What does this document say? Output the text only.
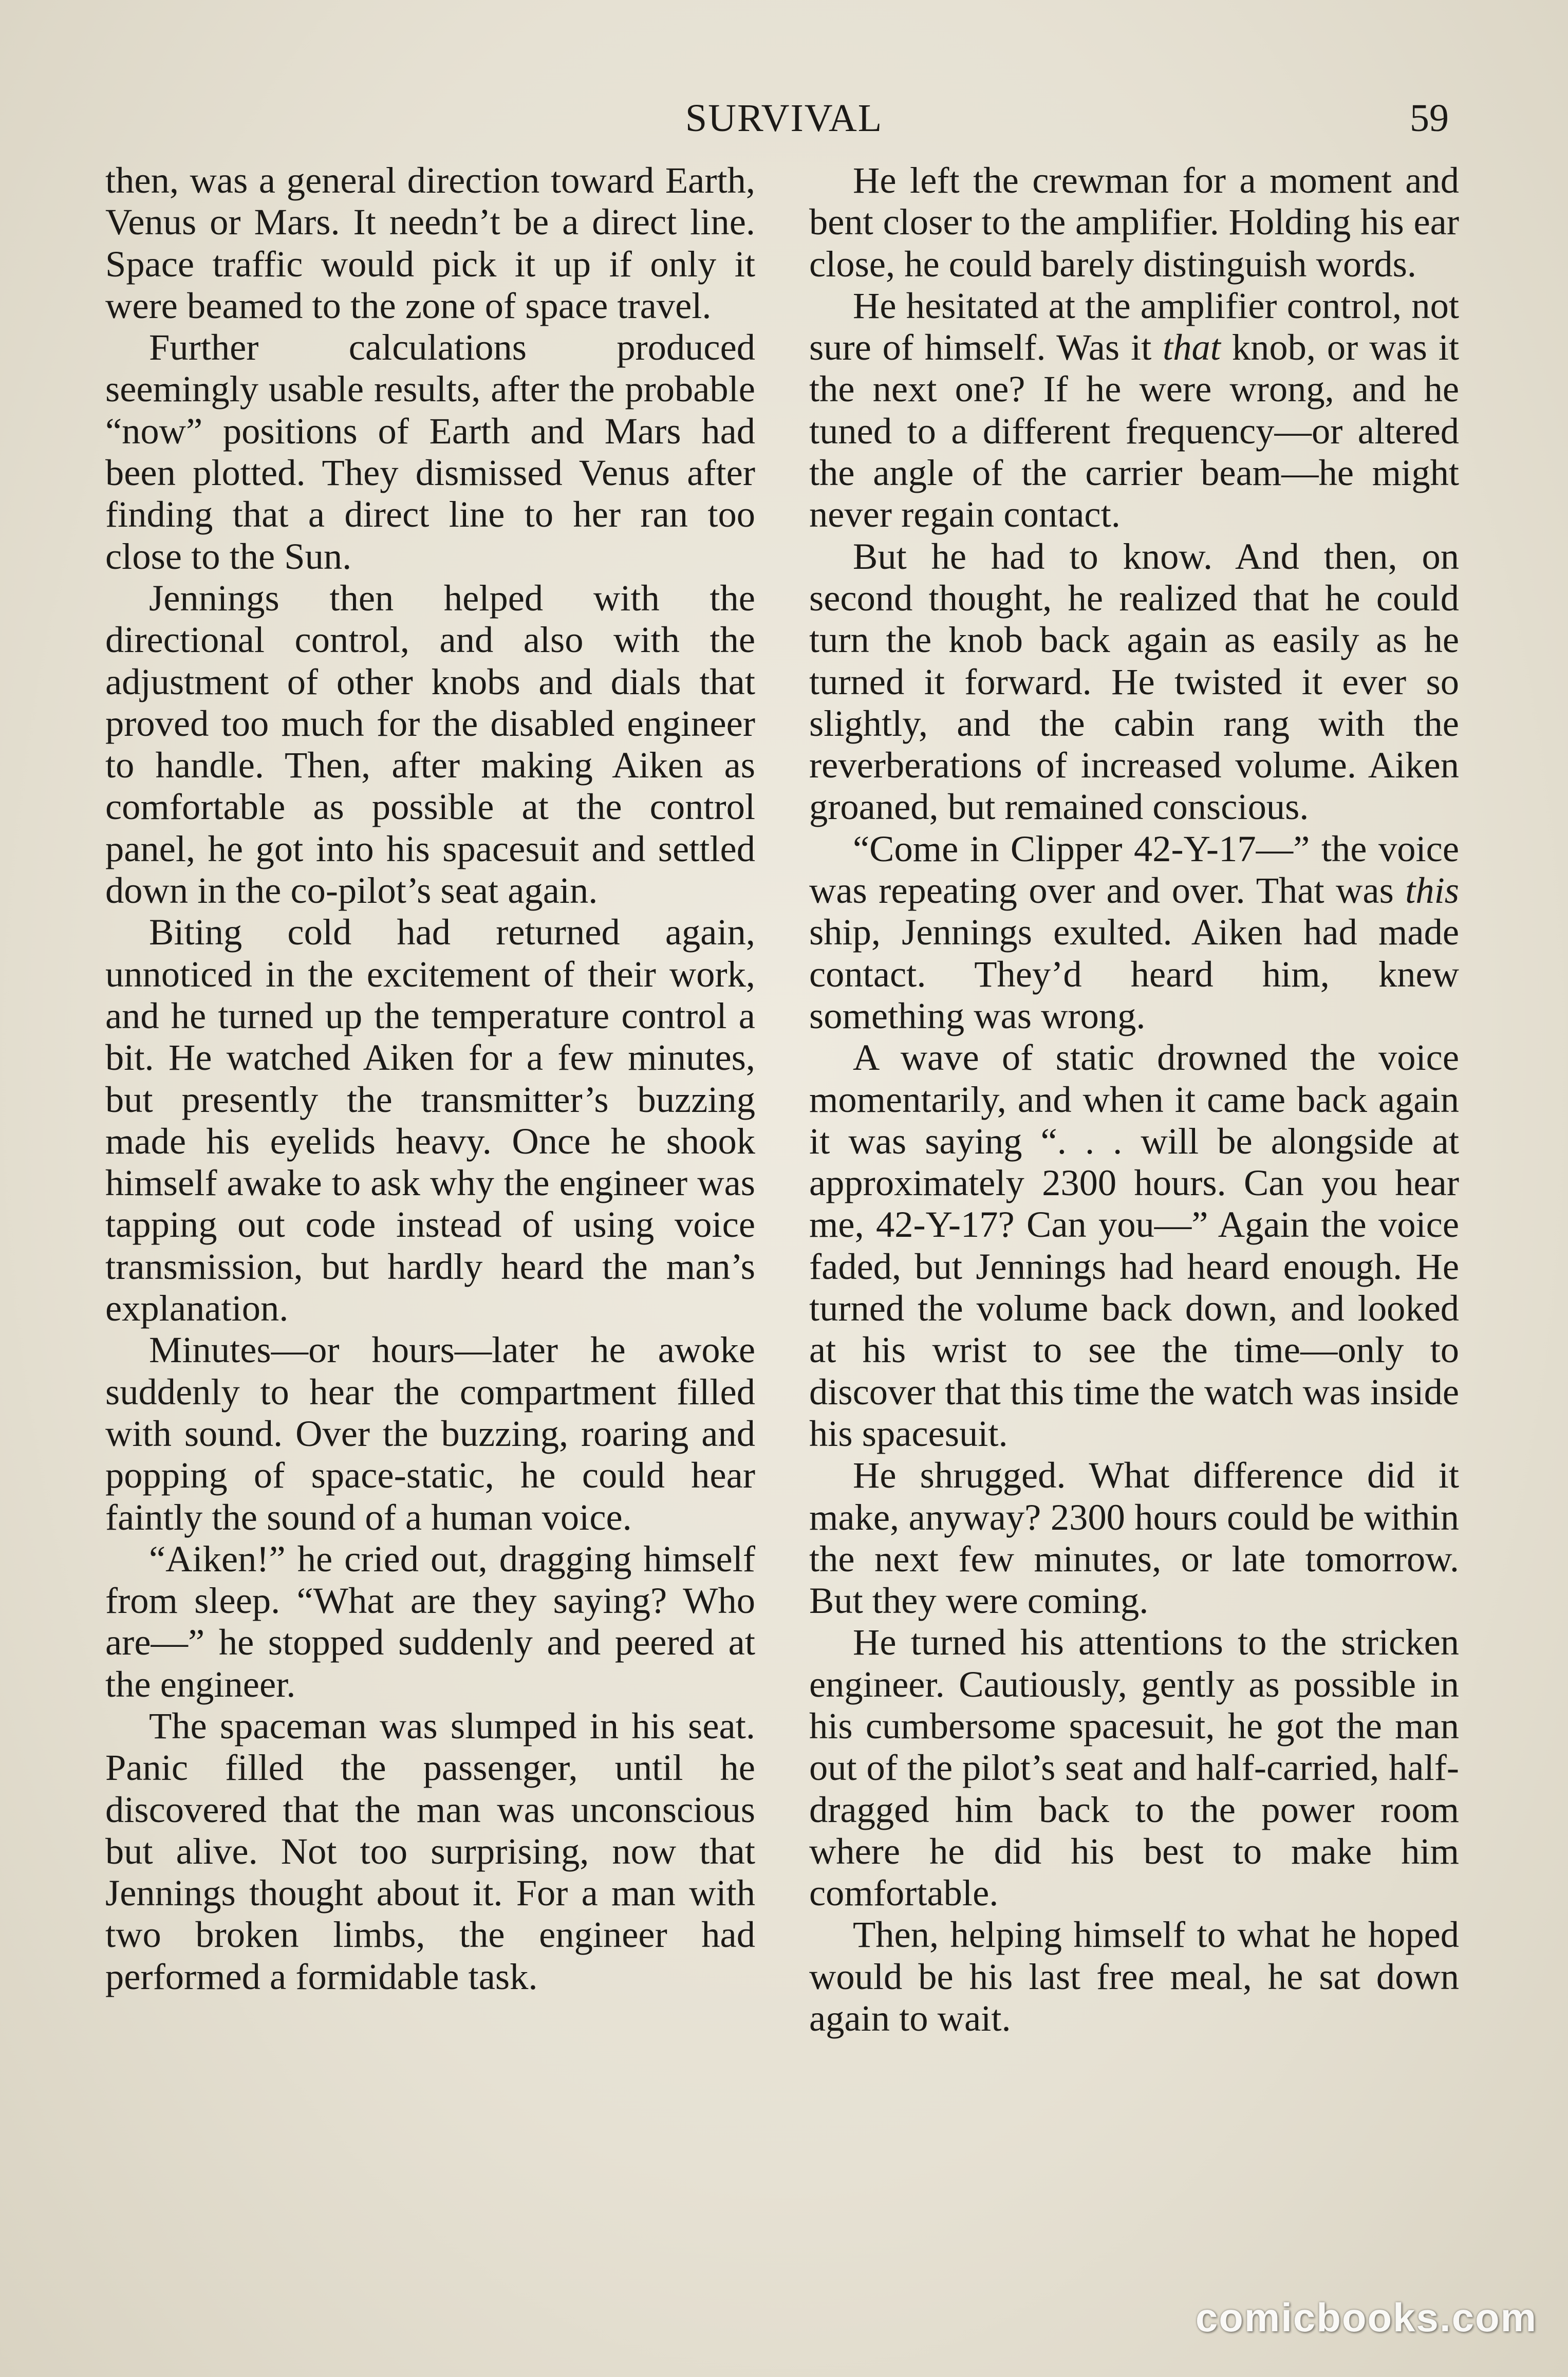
SURVIVAL	59

then, was a general direction toward Earth, Venus or Mars. It needn’t be a direct line. Space traffic would pick it up if only it were beamed to the zone of space travel.

Further calculations produced seemingly usable results, after the probable “now” positions of Earth and Mars had been plotted. They dismissed Venus after finding that a direct line to her ran too close to the Sun.

Jennings then helped with the directional control, and also with the adjustment of other knobs and dials that proved too much for the disabled engineer to handle. Then, after making Aiken as comfortable as possible at the control panel, he got into his spacesuit and settled down in the co-pilot’s seat again.

Biting cold had returned again, unnoticed in the excitement of their work, and he turned up the temperature control a bit. He watched Aiken for a few minutes, but presently the transmitter’s buzzing made his eyelids heavy. Once he shook himself awake to ask why the engineer was tapping out code instead of using voice transmission, but hardly heard the man’s explanation.

Minutes—or hours—later he awoke suddenly to hear the compartment filled with sound. Over the buzzing, roaring and popping of space-static, he could hear faintly the sound of a human voice.

“Aiken!” he cried out, dragging himself from sleep. “What are they saying? Who are—” he stopped suddenly and peered at the engineer.

The spaceman was slumped in his seat. Panic filled the passenger, until he discovered that the man was unconscious but alive. Not too surprising, now that Jennings thought about it. For a man with two broken limbs, the engineer had performed a formidable task.

He left the crewman for a moment and bent closer to the amplifier. Holding his ear close, he could barely distinguish words.

He hesitated at the amplifier control, not sure of himself. Was it that knob, or was it the next one? If he were wrong, and he tuned to a different frequency—or altered the angle of the carrier beam—he might never regain contact.

But he had to know. And then, on second thought, he realized that he could turn the knob back again as easily as he turned it forward. He twisted it ever so slightly, and the cabin rang with the reverberations of increased volume. Aiken groaned, but remained conscious.

“Come in Clipper 42-Y-17—” the voice was repeating over and over. That was this ship, Jennings exulted. Aiken had made contact. They’d heard him, knew something was wrong.

A wave of static drowned the voice momentarily, and when it came back again it was saying “. . . will be alongside at approximately 2300 hours. Can you hear me, 42-Y-17? Can you—” Again the voice faded, but Jennings had heard enough. He turned the volume back down, and looked at his wrist to see the time—only to discover that this time the watch was inside his spacesuit.

He shrugged. What difference did it make, anyway? 2300 hours could be within the next few minutes, or late tomorrow. But they were coming.

He turned his attentions to the stricken engineer. Cautiously, gently as possible in his cumbersome spacesuit, he got the man out of the pilot’s seat and half-carried, half-dragged him back to the power room where he did his best to make him comfortable.

Then, helping himself to what he hoped would be his last free meal, he sat down again to wait.

comicbooks.com
